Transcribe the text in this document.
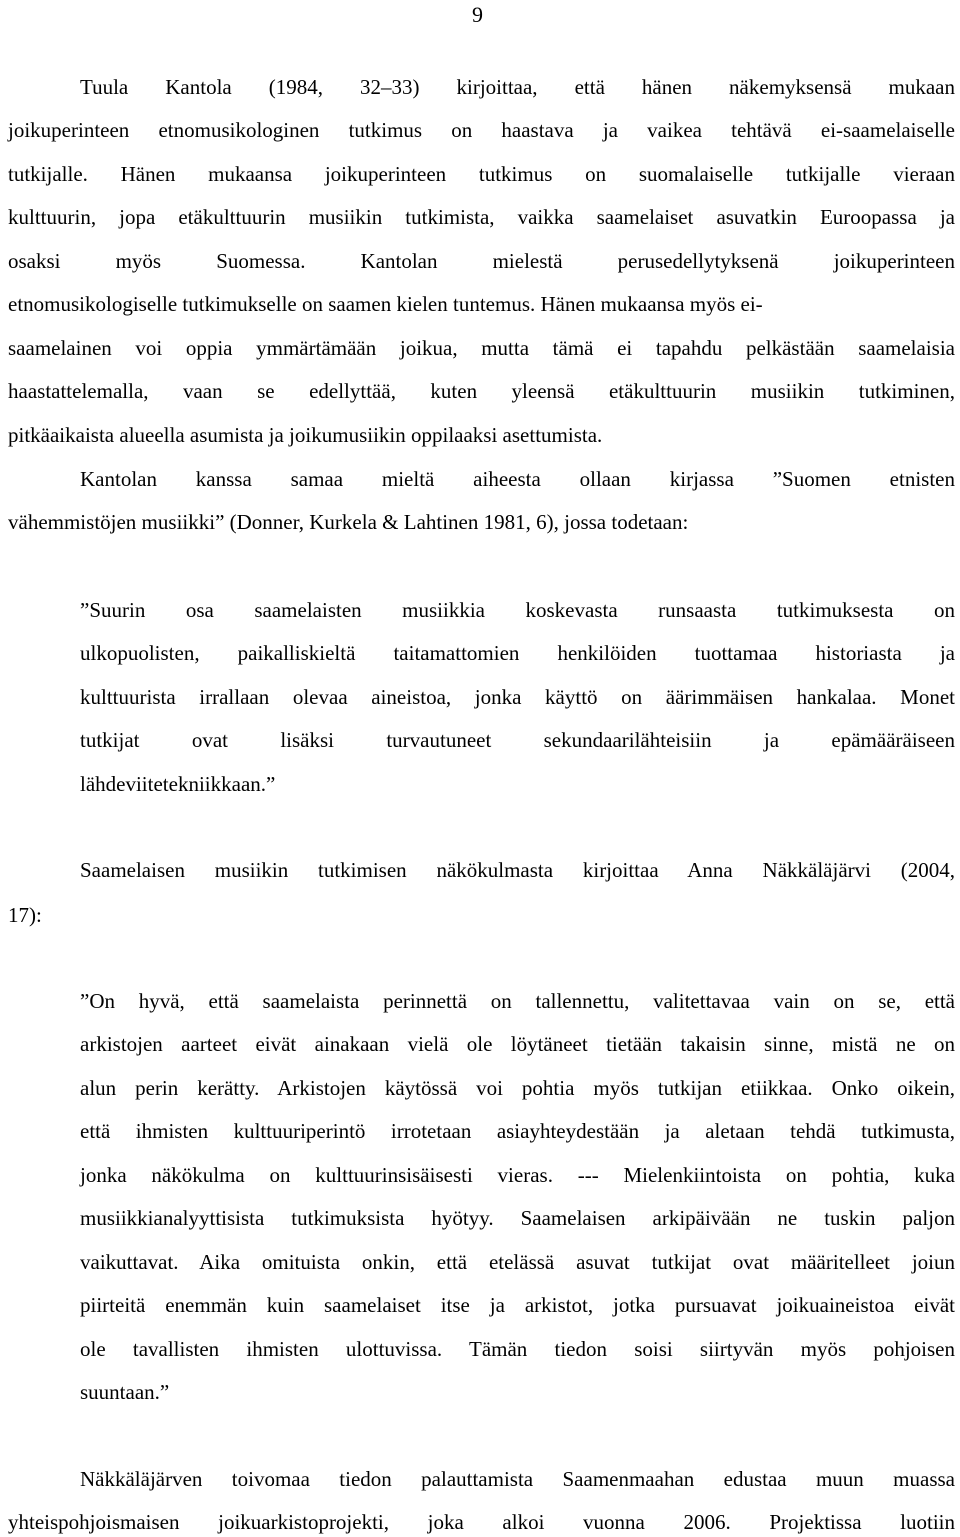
9
Tuula Kantola (1984, 32–33) kirjoittaa, että hänen näkemyksensä mukaan
joikuperinteen etnomusikologinen tutkimus on haastava ja vaikea tehtävä ei-saamelaiselle
tutkijalle. Hänen mukaansa joikuperinteen tutkimus on suomalaiselle tutkijalle vieraan
kulttuurin, jopa etäkulttuurin musiikin tutkimista, vaikka saamelaiset asuvatkin Euroopassa ja
osaksi myös Suomessa. Kantolan mielestä perusedellytyksenä joikuperinteen
etnomusikologiselle tutkimukselle on saamen kielen tuntemus. Hänen mukaansa myös ei-
saamelainen voi oppia ymmärtämään joikua, mutta tämä ei tapahdu pelkästään saamelaisia
haastattelemalla, vaan se edellyttää, kuten yleensä etäkulttuurin musiikin tutkiminen,
pitkäaikaista alueella asumista ja joikumusiikin oppilaaksi asettumista.
Kantolan kanssa samaa mieltä aiheesta ollaan kirjassa ”Suomen etnisten
vähemmistöjen musiikki” (Donner, Kurkela & Lahtinen 1981, 6), jossa todetaan:
”Suurin osa saamelaisten musiikkia koskevasta runsaasta tutkimuksesta on
ulkopuolisten, paikalliskieltä taitamattomien henkilöiden tuottamaa historiasta ja
kulttuurista irrallaan olevaa aineistoa, jonka käyttö on äärimmäisen hankalaa. Monet
tutkijat ovat lisäksi turvautuneet sekundaarilähteisiin ja epämääräiseen
lähdeviitetekniikkaan.”
Saamelaisen musiikin tutkimisen näkökulmasta kirjoittaa Anna Näkkäläjärvi (2004,
17):
”On hyvä, että saamelaista perinnettä on tallennettu, valitettavaa vain on se, että
arkistojen aarteet eivät ainakaan vielä ole löytäneet tietään takaisin sinne, mistä ne on
alun perin kerätty. Arkistojen käytössä voi pohtia myös tutkijan etiikkaa. Onko oikein,
että ihmisten kulttuuriperintö irrotetaan asiayhteydestään ja aletaan tehdä tutkimusta,
jonka näkökulma on kulttuurinsisäisesti vieras. --- Mielenkiintoista on pohtia, kuka
musiikkianalyyttisista tutkimuksista hyötyy. Saamelaisen arkipäivään ne tuskin paljon
vaikuttavat. Aika omituista onkin, että etelässä asuvat tutkijat ovat määritelleet joiun
piirteitä enemmän kuin saamelaiset itse ja arkistot, jotka pursuavat joikuaineistoa eivät
ole tavallisten ihmisten ulottuvissa. Tämän tiedon soisi siirtyvän myös pohjoisen
suuntaan.”
Näkkäläjärven toivomaa tiedon palauttamista Saamenmaahan edustaa muun muassa
yhteispohjoismaisen joikuarkistoprojekti, joka alkoi vuonna 2006. Projektissa luotiin
